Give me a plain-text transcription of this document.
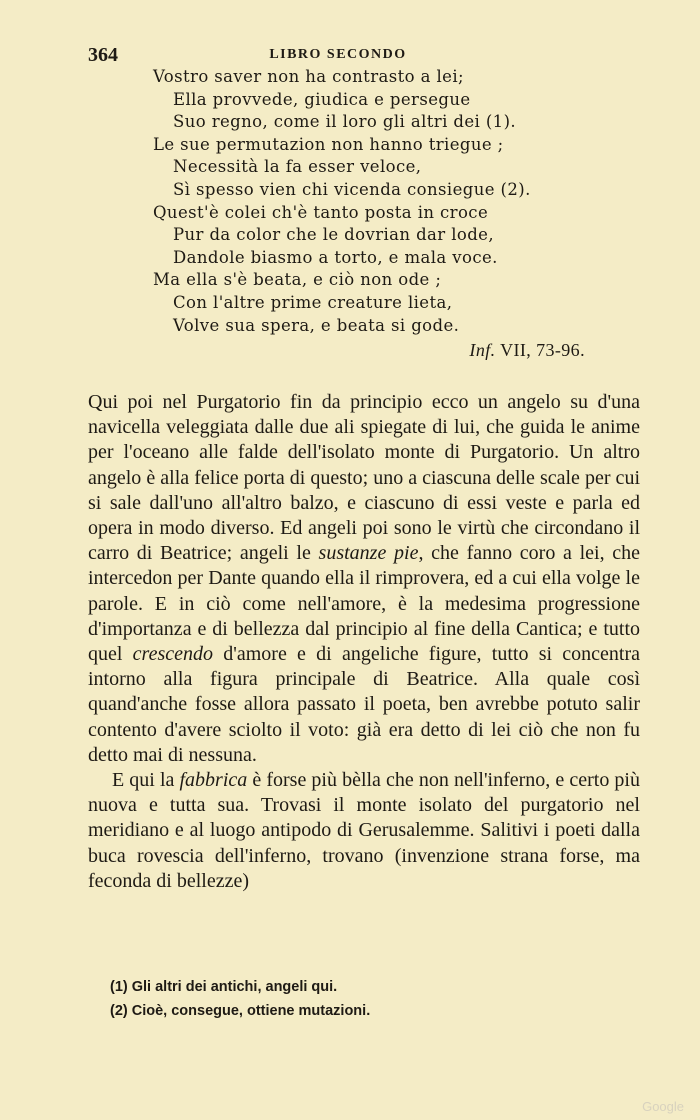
364	LIBRO SECONDO
Vostro saver non ha contrasto a lei;
Ella provvede, giudica e persegue
Suo regno, come il loro gli altri dei (1).
Le sue permutazion non hanno triegue ;
Necessità la fa esser veloce,
Sì spesso vien chi vicenda consiegue (2).
Quest'è colei ch'è tanto posta in croce
Pur da color che le dovrian dar lode,
Dandole biasmo a torto, e mala voce.
Ma ella s'è beata, e ciò non ode ;
Con l'altre prime creature lieta,
Volve sua spera, e beata si gode.
Inf. VII, 73-96.

Qui poi nel Purgatorio fin da principio ecco un angelo su d'una navicella veleggiata dalle due ali spiegate di lui, che guida le anime per l'oceano alle falde dell'isolato monte di Purgatorio. Un altro angelo è alla felice porta di questo; uno a ciascuna delle scale per cui si sale dall'uno all'altro balzo, e ciascuno di essi veste e parla ed opera in modo diverso. Ed angeli poi sono le virtù che circondano il carro di Beatrice; angeli le sustanze pie, che fanno coro a lei, che intercedon per Dante quando ella il rimprovera, ed a cui ella volge le parole. E in ciò come nell'amore, è la medesima progressione d'importanza e di bellezza dal principio al fine della Cantica; e tutto quel crescendo d'amore e di angeliche figure, tutto si concentra intorno alla figura principale di Beatrice. Alla quale così quand'anche fosse allora passato il poeta, ben avrebbe potuto salir contento d'avere sciolto il voto: già era detto di lei ciò che non fu detto mai di nessuna.

E qui la fabbrica è forse più bèlla che non nell'inferno, e certo più nuova e tutta sua. Trovasi il monte isolato del purgatorio nel meridiano e al luogo antipodo di Gerusalemme. Salitivi i poeti dalla buca rovescia dell'inferno, trovano (invenzione strana forse, ma feconda di bellezze)

(1) Gli altri dei antichi, angeli qui.
(2) Cioè, consegue, ottiene mutazioni.
Google
